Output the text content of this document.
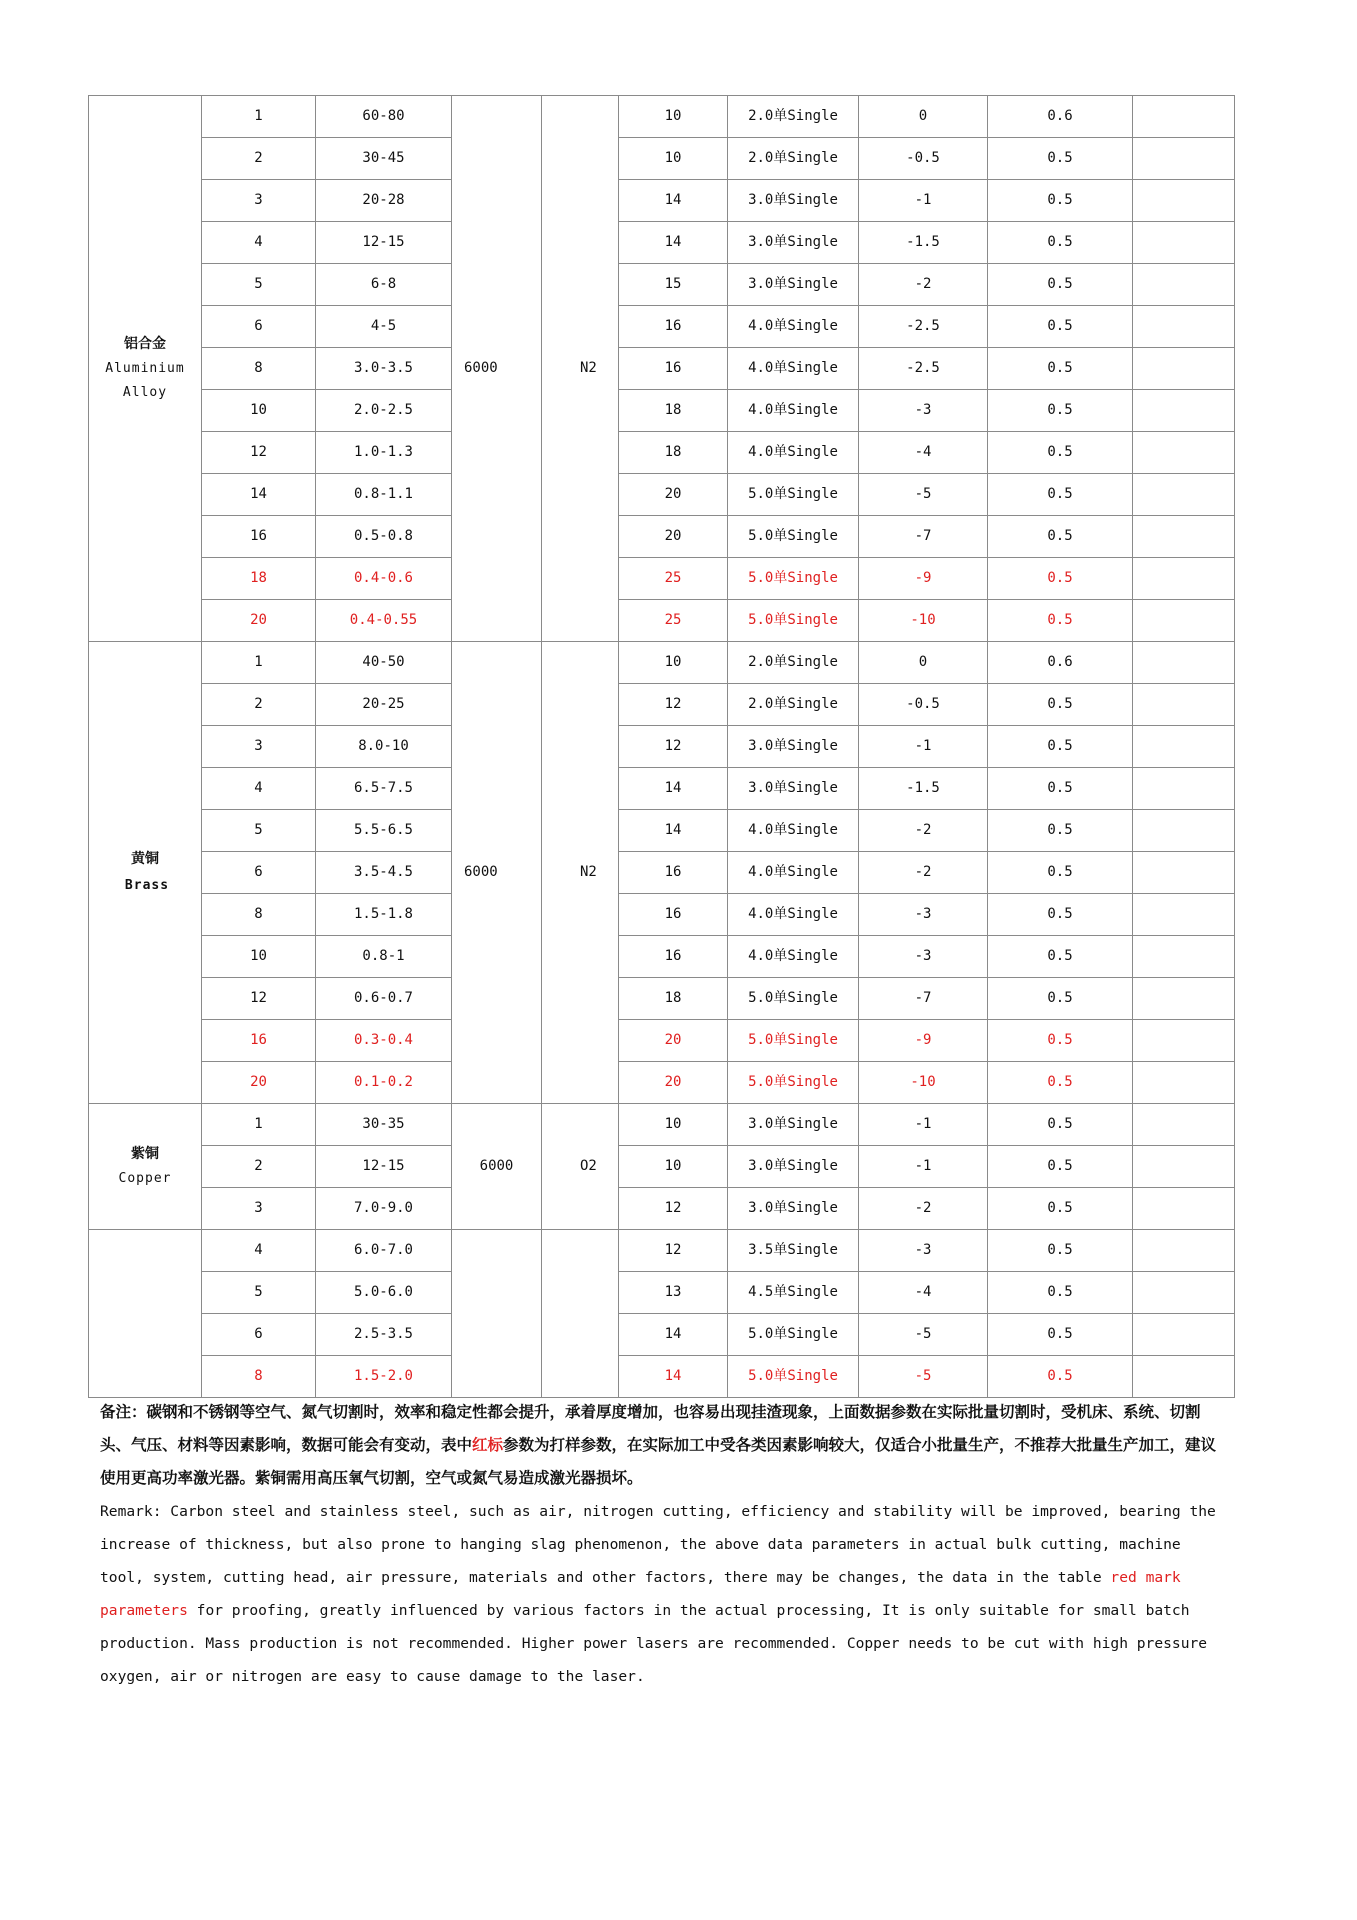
铝合金
Aluminium
Alloy	1	60-80	6000	N2	10	2.0单Single	0	0.6	
	2	30-45			10	2.0单Single	-0.5	0.5	
	3	20-28			14	3.0单Single	-1	0.5	
	4	12-15			14	3.0单Single	-1.5	0.5	
	5	6-8			15	3.0单Single	-2	0.5	
	6	4-5			16	4.0单Single	-2.5	0.5	
	8	3.0-3.5			16	4.0单Single	-2.5	0.5	
	10	2.0-2.5			18	4.0单Single	-3	0.5	
	12	1.0-1.3			18	4.0单Single	-4	0.5	
	14	0.8-1.1			20	5.0单Single	-5	0.5	
	16	0.5-0.8			20	5.0单Single	-7	0.5	
	18	0.4-0.6			25	5.0单Single	-9	0.5	
	20	0.4-0.55			25	5.0单Single	-10	0.5	

黄铜
Brass	1	40-50	6000	N2	10	2.0单Single	0	0.6	
	2	20-25			12	2.0单Single	-0.5	0.5	
	3	8.0-10			12	3.0单Single	-1	0.5	
	4	6.5-7.5			14	3.0单Single	-1.5	0.5	
	5	5.5-6.5			14	4.0单Single	-2	0.5	
	6	3.5-4.5			16	4.0单Single	-2	0.5	
	8	1.5-1.8			16	4.0单Single	-3	0.5	
	10	0.8-1			16	4.0单Single	-3	0.5	
	12	0.6-0.7			18	5.0单Single	-7	0.5	
	16	0.3-0.4			20	5.0单Single	-9	0.5	
	20	0.1-0.2			20	5.0单Single	-10	0.5	

紫铜
Copper	1	30-35	6000	O2	10	3.0单Single	-1	0.5	
	2	12-15			10	3.0单Single	-1	0.5	
	3	7.0-9.0			12	3.0单Single	-2	0.5	
	4	6.0-7.0			12	3.5单Single	-3	0.5	
	5	5.0-6.0			13	4.5单Single	-4	0.5	
	6	2.5-3.5			14	5.0单Single	-5	0.5	
	8	1.5-2.0			14	5.0单Single	-5	0.5	

备注：碳钢和不锈钢等空气、氮气切割时，效率和稳定性都会提升，承着厚度增加，也容易出现挂渣现象，上面数据参数在实际批量切割时，受机床、系统、切割头、气压、材料等因素影响，数据可能会有变动，表中红标参数为打样参数，在实际加工中受各类因素影响较大，仅适合小批量生产，不推荐大批量生产加工，建议使用更高功率激光器。紫铜需用高压氧气切割，空气或氮气易造成激光器损坏。

Remark: Carbon steel and stainless steel, such as air, nitrogen cutting, efficiency and stability will be improved, bearing the increase of thickness, but also prone to hanging slag phenomenon, the above data parameters in actual bulk cutting, machine tool, system, cutting head, air pressure, materials and other factors, there may be changes, the data in the table red mark parameters for proofing, greatly influenced by various factors in the actual processing, It is only suitable for small batch production. Mass production is not recommended. Higher power lasers are recommended. Copper needs to be cut with high pressure oxygen, air or nitrogen are easy to cause damage to the laser.
